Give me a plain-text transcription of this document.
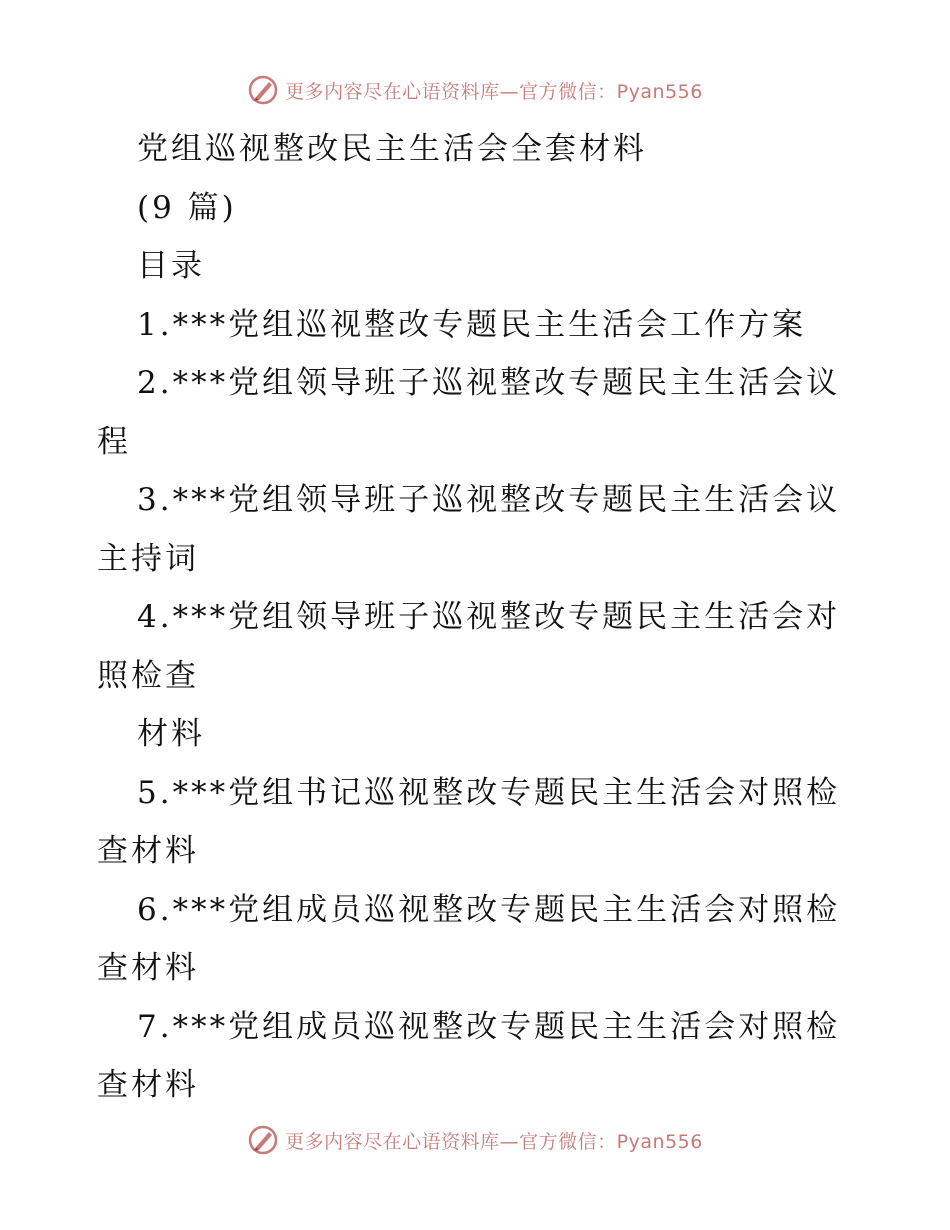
更多内容尽在心语资料库—官方微信：Pyan556
党组巡视整改民主生活会全套材料
(9 篇)
目录
1.***党组巡视整改专题民主生活会工作方案
2.***党组领导班子巡视整改专题民主生活会议
程
3.***党组领导班子巡视整改专题民主生活会议
主持词
4.***党组领导班子巡视整改专题民主生活会对
照检查
材料
5.***党组书记巡视整改专题民主生活会对照检
查材料
6.***党组成员巡视整改专题民主生活会对照检
查材料
7.***党组成员巡视整改专题民主生活会对照检
查材料
更多内容尽在心语资料库—官方微信：Pyan556
